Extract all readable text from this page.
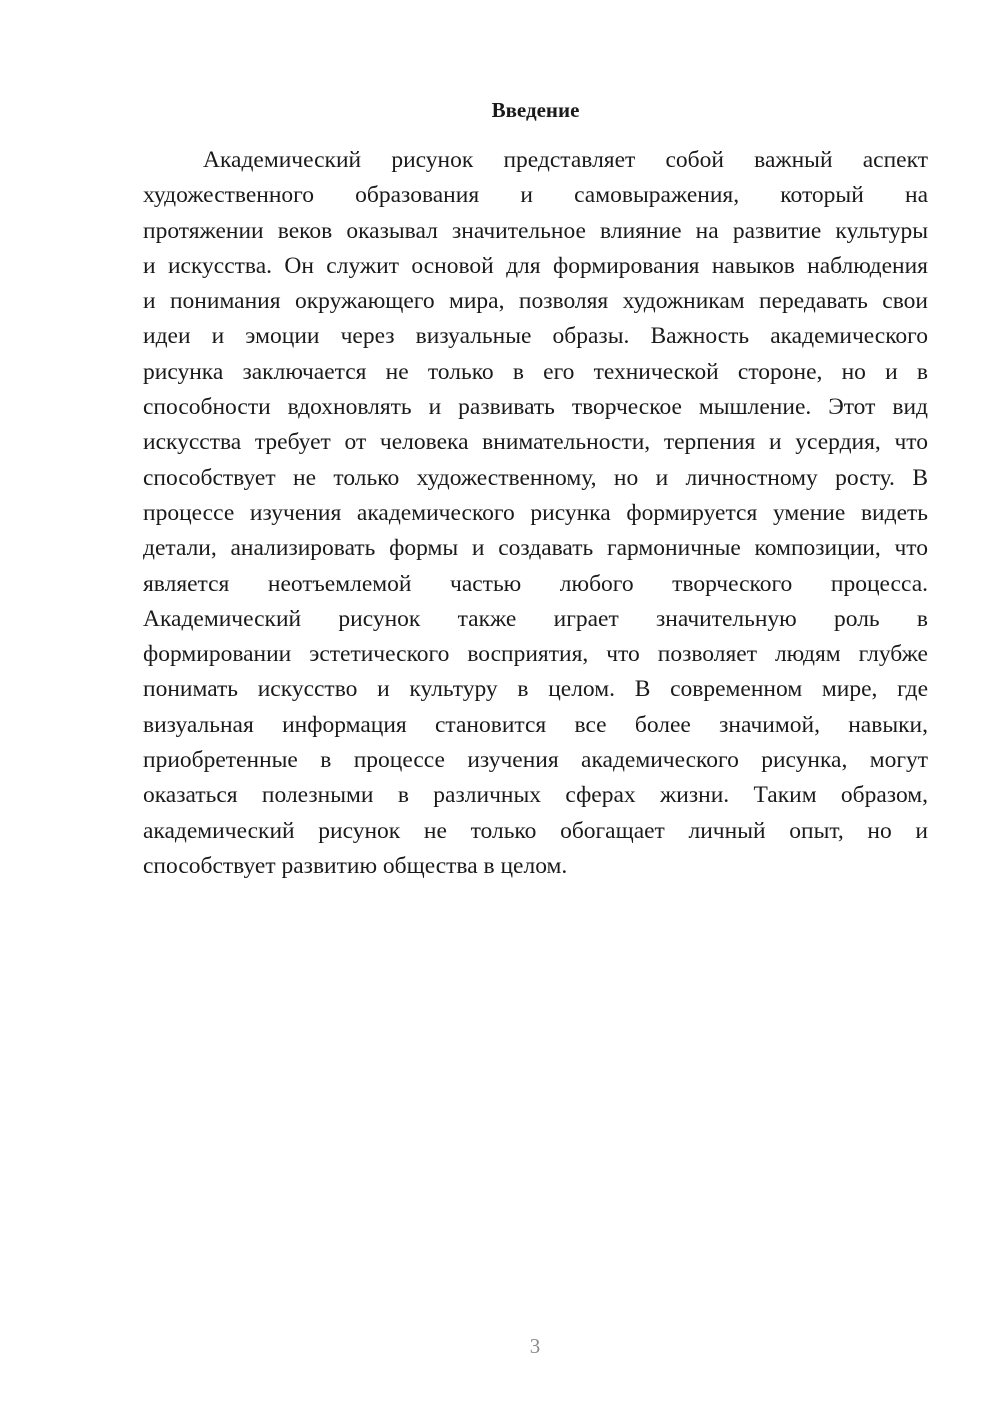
Введение
Академический рисунок представляет собой важный аспект
художественного образования и самовыражения, который на
протяжении веков оказывал значительное влияние на развитие культуры
и искусства. Он служит основой для формирования навыков наблюдения
и понимания окружающего мира, позволяя художникам передавать свои
идеи и эмоции через визуальные образы. Важность академического
рисунка заключается не только в его технической стороне, но и в
способности вдохновлять и развивать творческое мышление. Этот вид
искусства требует от человека внимательности, терпения и усердия, что
способствует не только художественному, но и личностному росту. В
процессе изучения академического рисунка формируется умение видеть
детали, анализировать формы и создавать гармоничные композиции, что
является неотъемлемой частью любого творческого процесса.
Академический рисунок также играет значительную роль в
формировании эстетического восприятия, что позволяет людям глубже
понимать искусство и культуру в целом. В современном мире, где
визуальная информация становится все более значимой, навыки,
приобретенные в процессе изучения академического рисунка, могут
оказаться полезными в различных сферах жизни. Таким образом,
академический рисунок не только обогащает личный опыт, но и
способствует развитию общества в целом.
3
